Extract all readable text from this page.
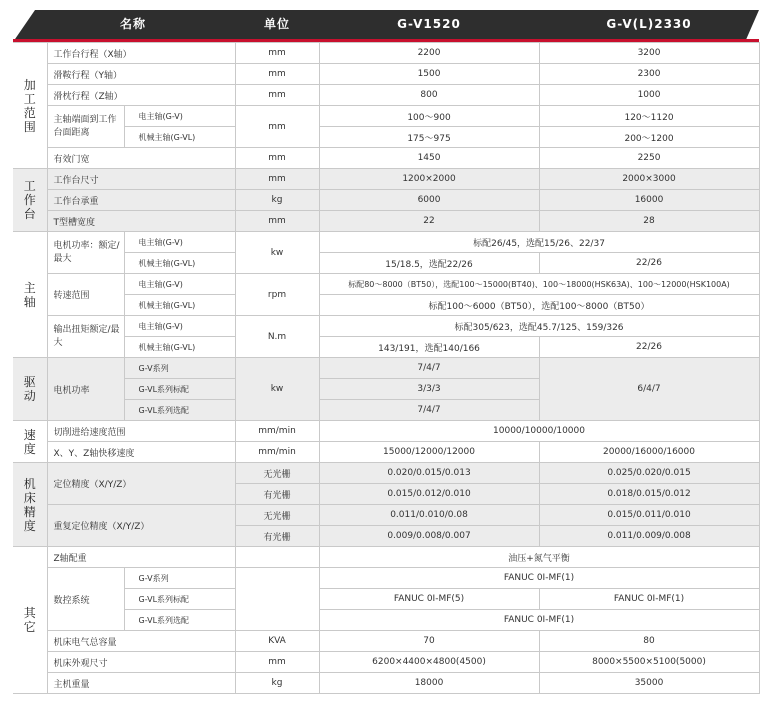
名称	单位	G-V1520	G-V(L)2330
加工范围	工作台行程（X轴）		mm	2200	3200
	滑鞍行程（Y轴）		mm	1500	2300
	滑枕行程（Z轴）		mm	800	1000
	主轴端面到工作台面距离	电主轴(G-V)	mm	100～900	120～1120
		机械主轴(G-VL)		175～975	200～1200
	有效门宽		mm	1450	2250
工作台	工作台尺寸		mm	1200×2000	2000×3000
	工作台承重		kg	6000	16000
	T型槽宽度		mm	22	28
主轴	电机功率：额定/最大	电主轴(G-V)	kw	标配26/45，选配15/26、22/37	
		机械主轴(G-VL)		15/18.5，选配22/26	22/26
	转速范围	电主轴(G-V)	rpm	标配80～8000（BT50），选配100～15000(BT40)、100～18000(HSK63A)、100～12000(HSK100A)	
		机械主轴(G-VL)		标配100～6000（BT50），选配100～8000（BT50）	
	输出扭矩额定/最大	电主轴(G-V)	N.m	标配305/623，选配45.7/125、159/326	
		机械主轴(G-VL)		143/191，选配140/166	22/26
驱动	电机功率	G-V系列	kw	7/4/7	6/4/7
		G-VL系列标配		3/3/3	
		G-VL系列选配		7/4/7	
速度	切削进给速度范围		mm/min	10000/10000/10000	
	X、Y、Z轴快移速度		mm/min	15000/12000/12000	20000/16000/16000
机床精度	定位精度（X/Y/Z）		无光栅	0.020/0.015/0.013	0.025/0.020/0.015
			有光栅	0.015/0.012/0.010	0.018/0.015/0.012
	重复定位精度（X/Y/Z）		无光栅	0.011/0.010/0.08	0.015/0.011/0.010
			有光栅	0.009/0.008/0.007	0.011/0.009/0.008
其它	Z轴配重			油压+氮气平衡	
	数控系统	G-V系列		FANUC 0I-MF(1)	
		G-VL系列标配		FANUC 0I-MF(5)	FANUC 0I-MF(1)
		G-VL系列选配		FANUC 0I-MF(1)	
	机床电气总容量		KVA	70	80
	机床外观尺寸		mm	6200×4400×4800(4500)	8000×5500×5100(5000)
	主机重量		kg	18000	35000
